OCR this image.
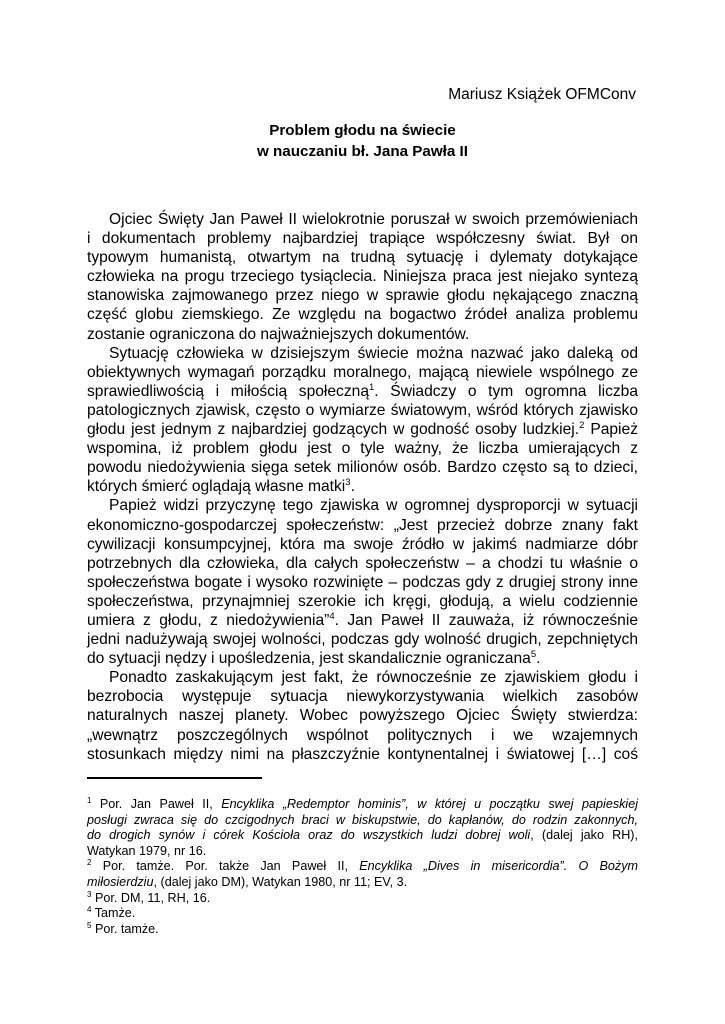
Mariusz Książek OFMConv
Problem głodu na świecie
w nauczaniu bł. Jana Pawła II
Ojciec Święty Jan Paweł II wielokrotnie poruszał w swoich przemówieniach
i dokumentach problemy najbardziej trapiące współczesny świat. Był on
typowym humanistą, otwartym na trudną sytuację i dylematy dotykające
człowieka na progu trzeciego tysiąclecia. Niniejsza praca jest niejako syntezą
stanowiska zajmowanego przez niego w sprawie głodu nękającego znaczną
część globu ziemskiego. Ze względu na bogactwo źródeł analiza problemu
zostanie ograniczona do najważniejszych dokumentów.
Sytuację człowieka w dzisiejszym świecie można nazwać jako daleką od
obiektywnych wymagań porządku moralnego, mającą niewiele wspólnego ze
sprawiedliwością i miłością społeczną$^1$. Świadczy o tym ogromna liczba
patologicznych zjawisk, często o wymiarze światowym, wśród których zjawisko
głodu jest jednym z najbardziej godzących w godność osoby ludzkiej.$^2$ Papież
wspomina, iż problem głodu jest o tyle ważny, że liczba umierających z
powodu niedożywienia sięga setek milionów osób. Bardzo często są to dzieci,
których śmierć oglądają własne matki$^3$.
Papież widzi przyczynę tego zjawiska w ogromnej dysproporcji w sytuacji
ekonomiczno-gospodarczej społeczeństw: „Jest przecież dobrze znany fakt
cywilizacji konsumpcyjnej, która ma swoje źródło w jakimś nadmiarze dóbr
potrzebnych dla człowieka, dla całych społeczeństw – a chodzi tu właśnie o
społeczeństwa bogate i wysoko rozwinięte – podczas gdy z drugiej strony inne
społeczeństwa, przynajmniej szerokie ich kręgi, głodują, a wielu codziennie
umiera z głodu, z niedożywienia”$^4$. Jan Paweł II zauważa, iż równocześnie
jedni nadużywają swojej wolności, podczas gdy wolność drugich, zepchniętych
do sytuacji nędzy i upośledzenia, jest skandalicznie ograniczana$^5$.
Ponadto zaskakującym jest fakt, że równocześnie ze zjawiskiem głodu i
bezrobocia występuje sytuacja niewykorzystywania wielkich zasobów
naturalnych naszej planety. Wobec powyższego Ojciec Święty stwierdza:
„wewnątrz poszczególnych wspólnot politycznych i we wzajemnych
stosunkach między nimi na płaszczyźnie kontynentalnej i światowej […] coś
$^1$ Por. Jan Paweł II, Encyklika „Redemptor hominis”, w której u początku swej papieskiej
posługi zwraca się do czcigodnych braci w biskupstwie, do kapłanów, do rodzin zakonnych,
do drogich synów i córek Kościoła oraz do wszystkich ludzi dobrej woli, (dalej jako RH),
Watykan 1979, nr 16.
$^2$ Por. tamże. Por. także Jan Paweł II, Encyklika „Dives in misericordia”. O Bożym
miłosierdziu, (dalej jako DM), Watykan 1980, nr 11; EV, 3.
$^3$ Por. DM, 11, RH, 16.
$^4$ Tamże.
$^5$ Por. tamże.
